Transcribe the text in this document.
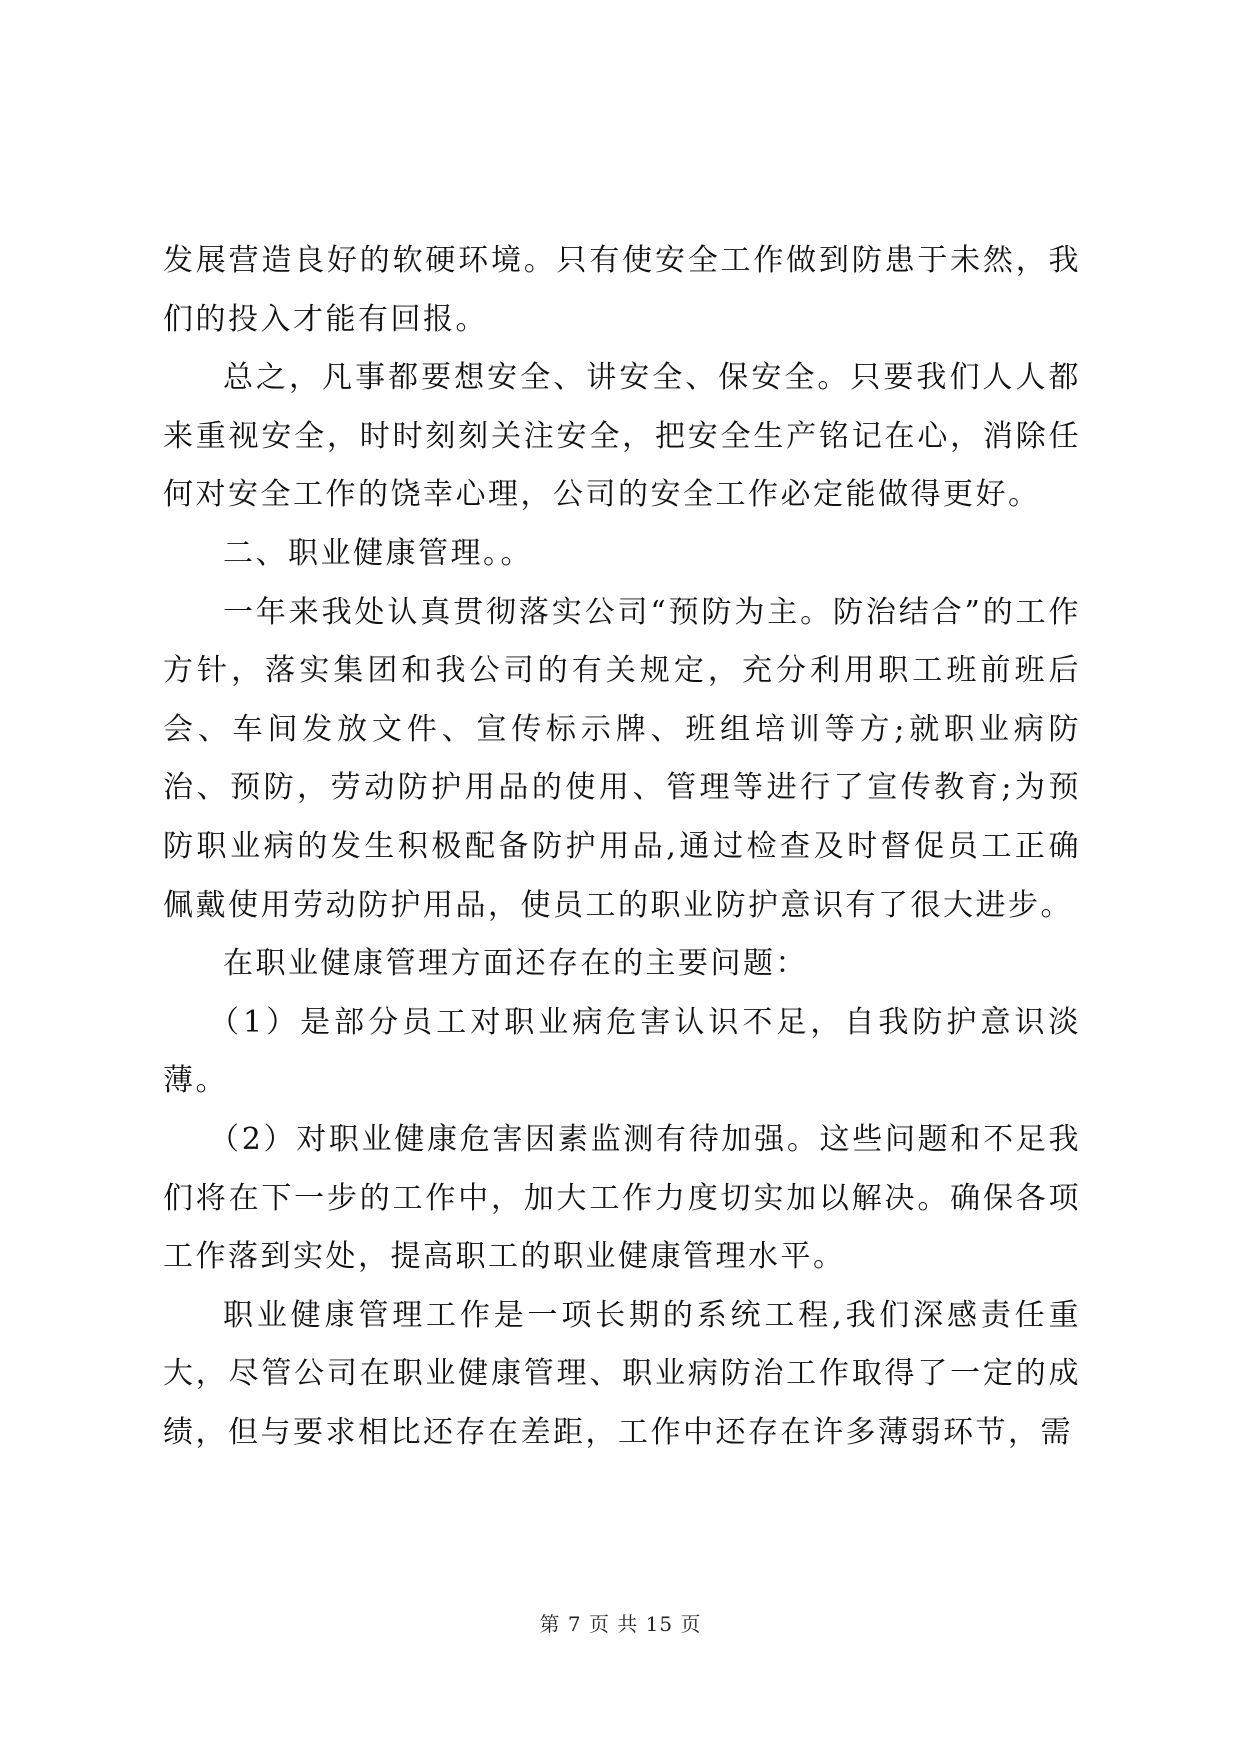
发展营造良好的软硬环境。只有使安全工作做到防患于未然，我们的投入才能有回报。

总之，凡事都要想安全、讲安全、保安全。只要我们人人都来重视安全，时时刻刻关注安全，把安全生产铭记在心，消除任何对安全工作的饶幸心理，公司的安全工作必定能做得更好。

二、职业健康管理。。

一年来我处认真贯彻落实公司“预防为主。防治结合”的工作方针，落实集团和我公司的有关规定，充分利用职工班前班后会、车间发放文件、宣传标示牌、班组培训等方;就职业病防治、预防，劳动防护用品的使用、管理等进行了宣传教育;为预防职业病的发生积极配备防护用品,通过检查及时督促员工正确佩戴使用劳动防护用品，使员工的职业防护意识有了很大进步。

在职业健康管理方面还存在的主要问题：

（1）是部分员工对职业病危害认识不足，自我防护意识淡薄。

（2）对职业健康危害因素监测有待加强。这些问题和不足我们将在下一步的工作中，加大工作力度切实加以解决。确保各项工作落到实处，提高职工的职业健康管理水平。

职业健康管理工作是一项长期的系统工程,我们深感责任重大，尽管公司在职业健康管理、职业病防治工作取得了一定的成绩，但与要求相比还存在差距，工作中还存在许多薄弱环节，需

第 7 页 共 15 页
